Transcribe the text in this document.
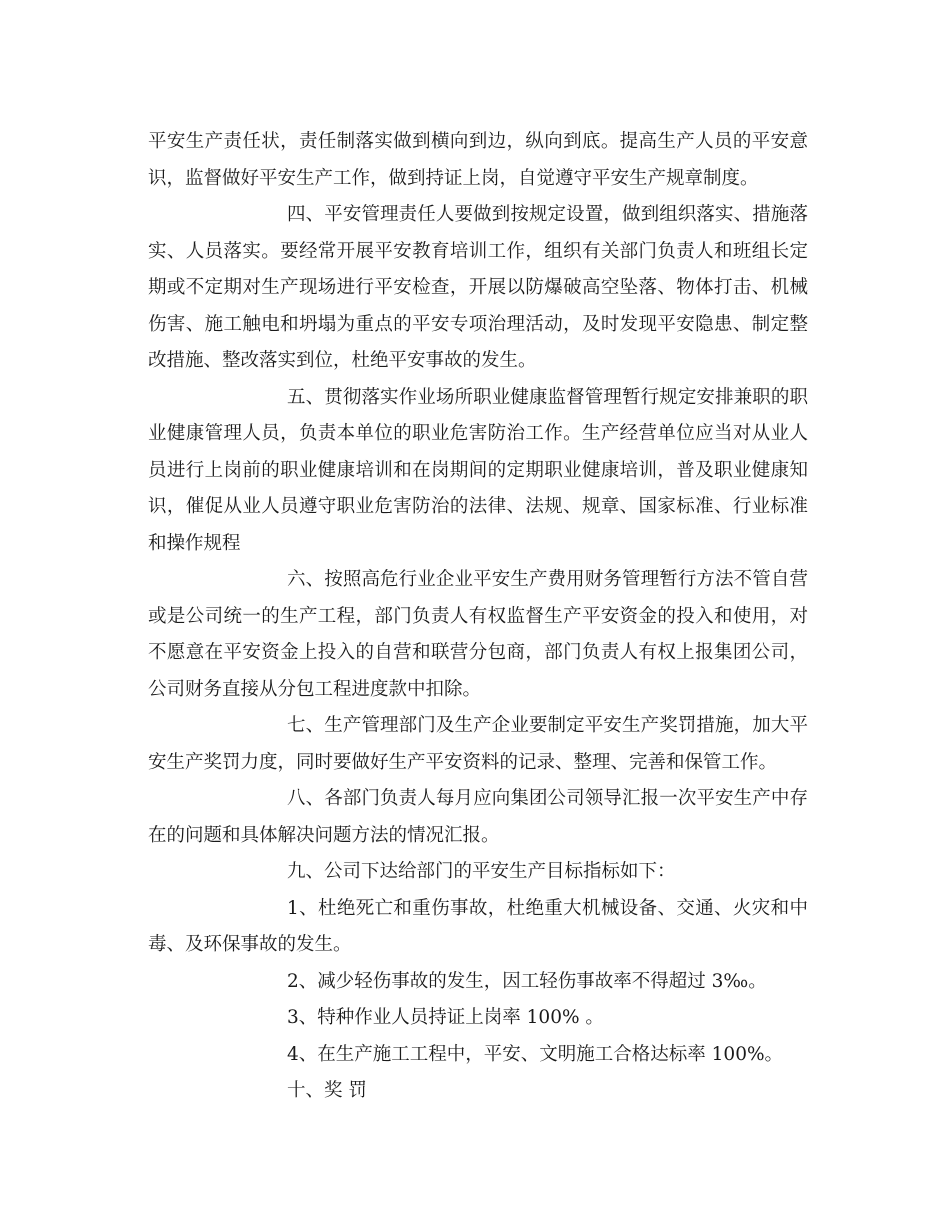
平安生产责任状，责任制落实做到横向到边，纵向到底。提高生产人员的平安意识，监督做好平安生产工作，做到持证上岗，自觉遵守平安生产规章制度。

四、平安管理责任人要做到按规定设置，做到组织落实、措施落实、人员落实。要经常开展平安教育培训工作，组织有关部门负责人和班组长定期或不定期对生产现场进行平安检查，开展以防爆破高空坠落、物体打击、机械伤害、施工触电和坍塌为重点的平安专项治理活动，及时发现平安隐患、制定整改措施、整改落实到位，杜绝平安事故的发生。

五、贯彻落实作业场所职业健康监督管理暂行规定安排兼职的职业健康管理人员，负责本单位的职业危害防治工作。生产经营单位应当对从业人员进行上岗前的职业健康培训和在岗期间的定期职业健康培训，普及职业健康知识，催促从业人员遵守职业危害防治的法律、法规、规章、国家标准、行业标准和操作规程

六、按照高危行业企业平安生产费用财务管理暂行方法不管自营或是公司统一的生产工程，部门负责人有权监督生产平安资金的投入和使用，对不愿意在平安资金上投入的自营和联营分包商，部门负责人有权上报集团公司，公司财务直接从分包工程进度款中扣除。

七、生产管理部门及生产企业要制定平安生产奖罚措施，加大平安生产奖罚力度，同时要做好生产平安资料的记录、整理、完善和保管工作。

八、各部门负责人每月应向集团公司领导汇报一次平安生产中存在的问题和具体解决问题方法的情况汇报。

九、公司下达给部门的平安生产目标指标如下：

1、杜绝死亡和重伤事故，杜绝重大机械设备、交通、火灾和中毒、及环保事故的发生。

2、减少轻伤事故的发生，因工轻伤事故率不得超过 3‰。

3、特种作业人员持证上岗率 100% 。

4、在生产施工工程中，平安、文明施工合格达标率 100%。

十、奖 罚
